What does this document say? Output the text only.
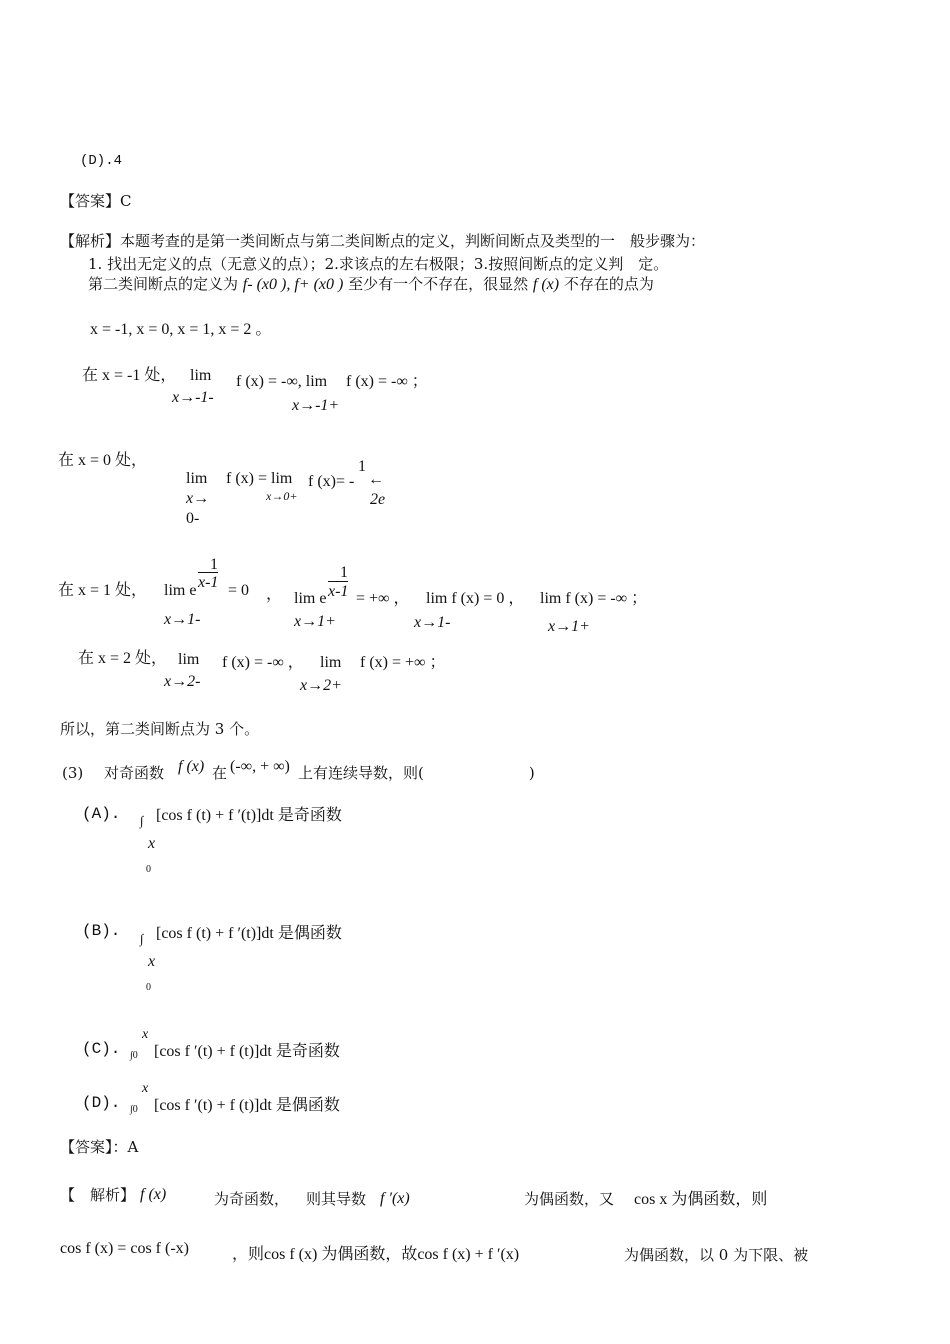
(D).4
【答案】C
【解析】本题考查的是第一类间断点与第二类间断点的定义，判断间断点及类型的一　般步骤为：
1. 找出无定义的点（无意义的点）；2.求该点的左右极限；3.按照间断点的定义判　定。
第二类间断点的定义为 f- (x0 ), f+ (x0 ) 至少有一个不存在，很显然 f (x) 不存在的点为
x = -1, x = 0, x = 1, x = 2 。
在 x = -1 处， lim
x→-1-
f (x) = -∞, lim
x→-1+
f (x) = -∞ ；
在 x = 0 处，
lim
x→
0-
f (x) = lim
x→0+
f (x)= -
1
←
2e
在 x = 1 处，
1
x-1
lim e = 0
x→1-
，
1
x-1
lim e = +∞ ，
x→1+
lim f (x) = 0 ，
x→1-
lim f (x) = -∞ ；
x→1+
在 x = 2 处， lim
x→2-
f (x) = -∞ ， lim
x→2+
f (x) = +∞ ；
所以，第二类间断点为 3 个。
(3) 对奇函数 f (x) 在 (-∞, + ∞) 上有连续导数，则(　　　　　　　)
(A). ∫
x
0
[cos f (t) + f ′(t)]dt 是奇函数
(B). ∫
x
0
[cos f (t) + f ′(t)]dt 是偶函数
x
(C). ∫0 [cos f ′(t) + f (t)]dt 是奇函数
x
(D). ∫0 [cos f ′(t) + f (t)]dt 是偶函数
【答案】：A
【　解析】 f (x)	为奇函数， 则其导数 f ′(x)	为偶函数，又 cos x 为偶函数，则
cos f (x) = cos f (-x)	，则cos f (x) 为偶函数，故cos f (x) + f ′(x)	为偶函数，以 0 为下限、被
